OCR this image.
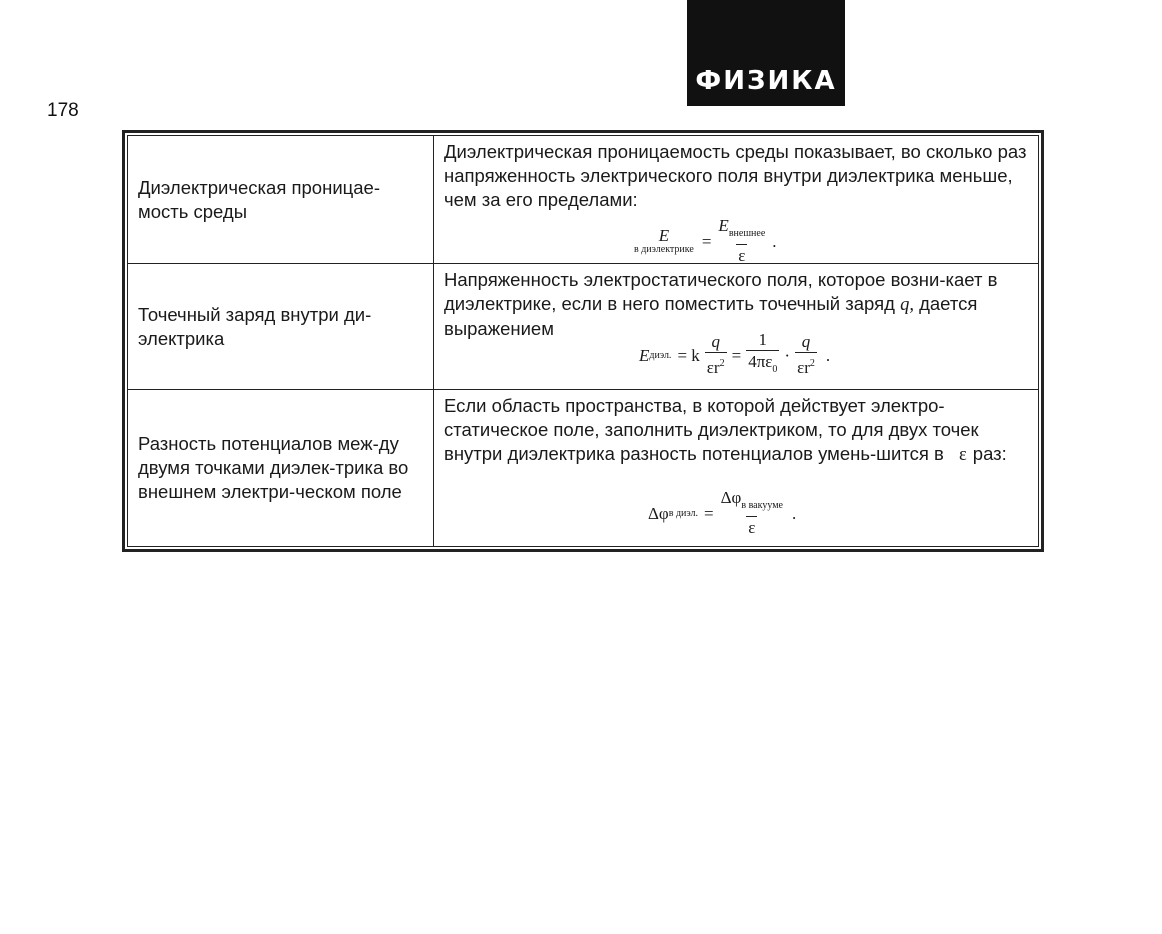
ФИЗИКА
178
Диэлектрическая проницае-мость среды
Диэлектрическая проницаемость среды показывает, во сколько раз напряженность электрического поля внутри диэлектрика меньше, чем за его пределами:
E
в диэлектрике = $\frac{E_{внешнее}}{\varepsilon}$ .
Точечный заряд внутри ди-электрика
Напряженность электростатического поля, которое возни-кает в диэлектрике, если в него поместить точечный заряд q, дается выражением
E диэл. = k $\frac{q}{\varepsilon r^2} = \frac{1}{4\pi\varepsilon_0} \cdot \frac{q}{\varepsilon r^2}$ .
Разность потенциалов меж-ду двумя точками диэлек-трика во внешнем электри-ческом поле
Если область пространства, в которой действует электро-статическое поле, заполнить диэлектриком, то для двух точек внутри диэлектрика разность потенциалов умень-шится в ε раз:
Δφ в диэл. = $\frac{\Delta\varphi_{в вакууме}}{\varepsilon}$ .
